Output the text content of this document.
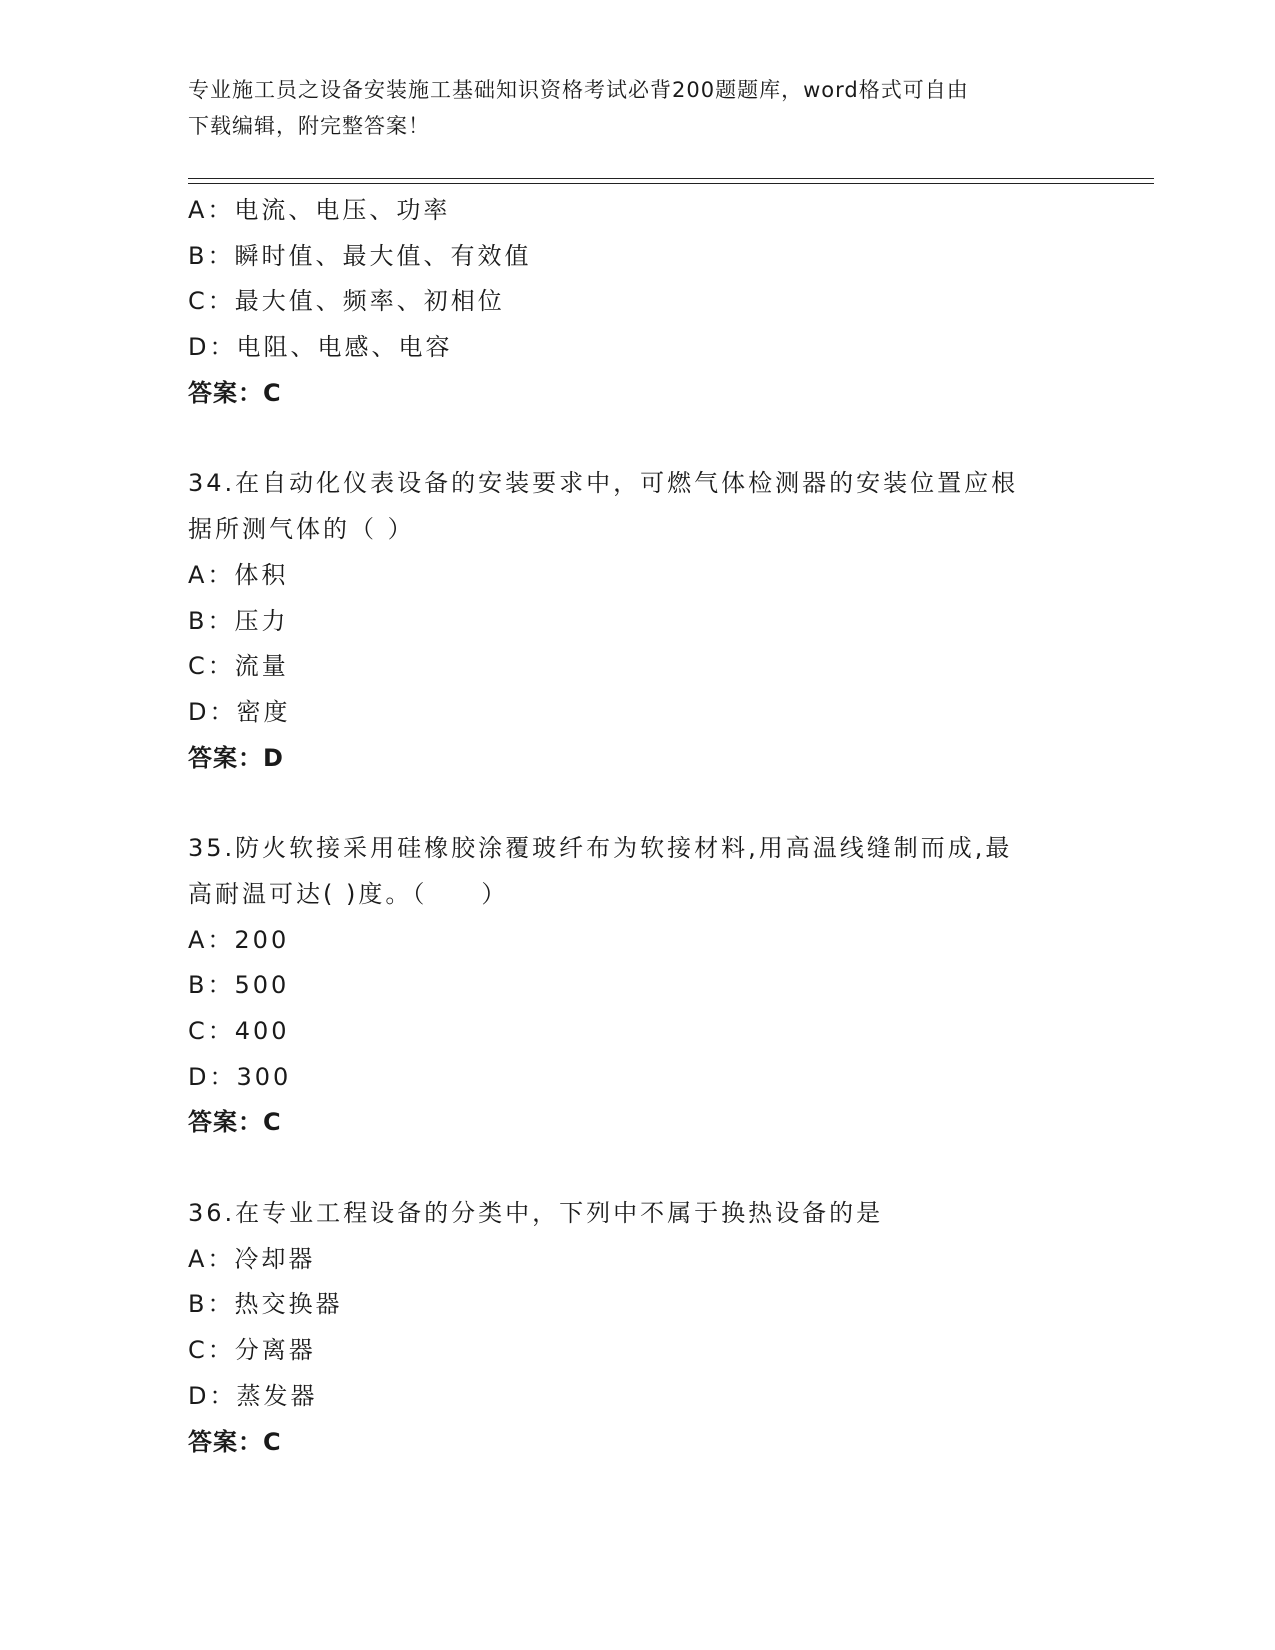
专业施工员之设备安装施工基础知识资格考试必背200题题库，word格式可自由
下载编辑，附完整答案！
A：电流、电压、功率
B：瞬时值、最大值、有效值
C：最大值、频率、初相位
D：电阻、电感、电容
答案：C
34.在自动化仪表设备的安装要求中，可燃气体检测器的安装位置应根
据所测气体的（ ）
A：体积
B：压力
C：流量
D：密度
答案：D
35.防火软接采用硅橡胶涂覆玻纤布为软接材料,用高温线缝制而成,最
高耐温可达( )度。（　　）
A：200
B：500
C：400
D：300
答案：C
36.在专业工程设备的分类中，下列中不属于换热设备的是
A：冷却器
B：热交换器
C：分离器
D：蒸发器
答案：C
